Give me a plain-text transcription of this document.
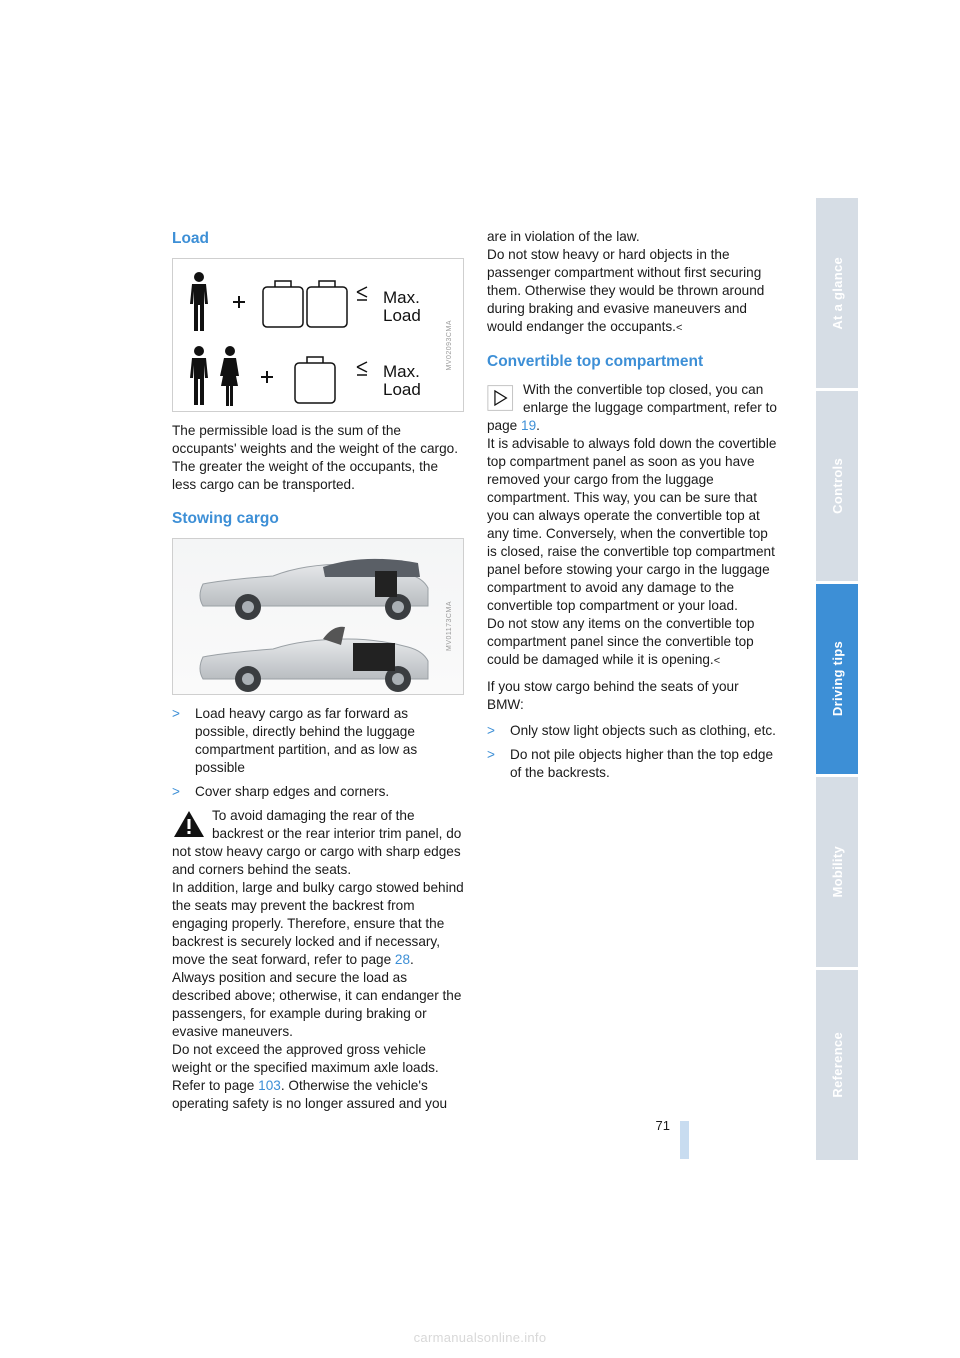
Load
Max. Load
Max. Load
MV02093CMA

The permissible load is the sum of the occupants' weights and the weight of the cargo. The greater the weight of the occupants, the less cargo can be transported.

Stowing cargo
MV01173CMA
>	Load heavy cargo as far forward as possible, directly behind the luggage compartment partition, and as low as possible
>	Cover sharp edges and corners.

To avoid damaging the rear of the backrest or the rear interior trim panel, do not stow heavy cargo or cargo with sharp edges and corners behind the seats.

In addition, large and bulky cargo stowed behind the seats may prevent the backrest from engaging properly. Therefore, ensure that the backrest is securely locked and if necessary, move the seat forward, refer to page 28.

Always position and secure the load as described above; otherwise, it can endanger the passengers, for example during braking or evasive maneuvers.

Do not exceed the approved gross vehicle weight or the specified maximum axle loads. Refer to page 103. Otherwise the vehicle's operating safety is no longer assured and you

are in violation of the law.

Do not stow heavy or hard objects in the passenger compartment without first securing them. Otherwise they would be thrown around during braking and evasive maneuvers and would endanger the occupants.<

Convertible top compartment

With the convertible top closed, you can enlarge the luggage compartment, refer to page 19.

It is advisable to always fold down the covertible top compartment panel as soon as you have removed your cargo from the luggage compartment. This way, you can be sure that you can always operate the convertible top at any time. Conversely, when the convertible top is closed, raise the convertible top compartment panel before stowing your cargo in the luggage compartment to avoid any damage to the convertible top compartment or your load.

Do not stow any items on the convertible top compartment panel since the convertible top could be damaged while it is opening.<

If you stow cargo behind the seats of your BMW:

>	Only stow light objects such as clothing, etc.
>	Do not pile objects higher than the top edge of the backrests.
At a glance
Controls
Driving tips
Mobility
Reference
71
carmanualsonline.info
